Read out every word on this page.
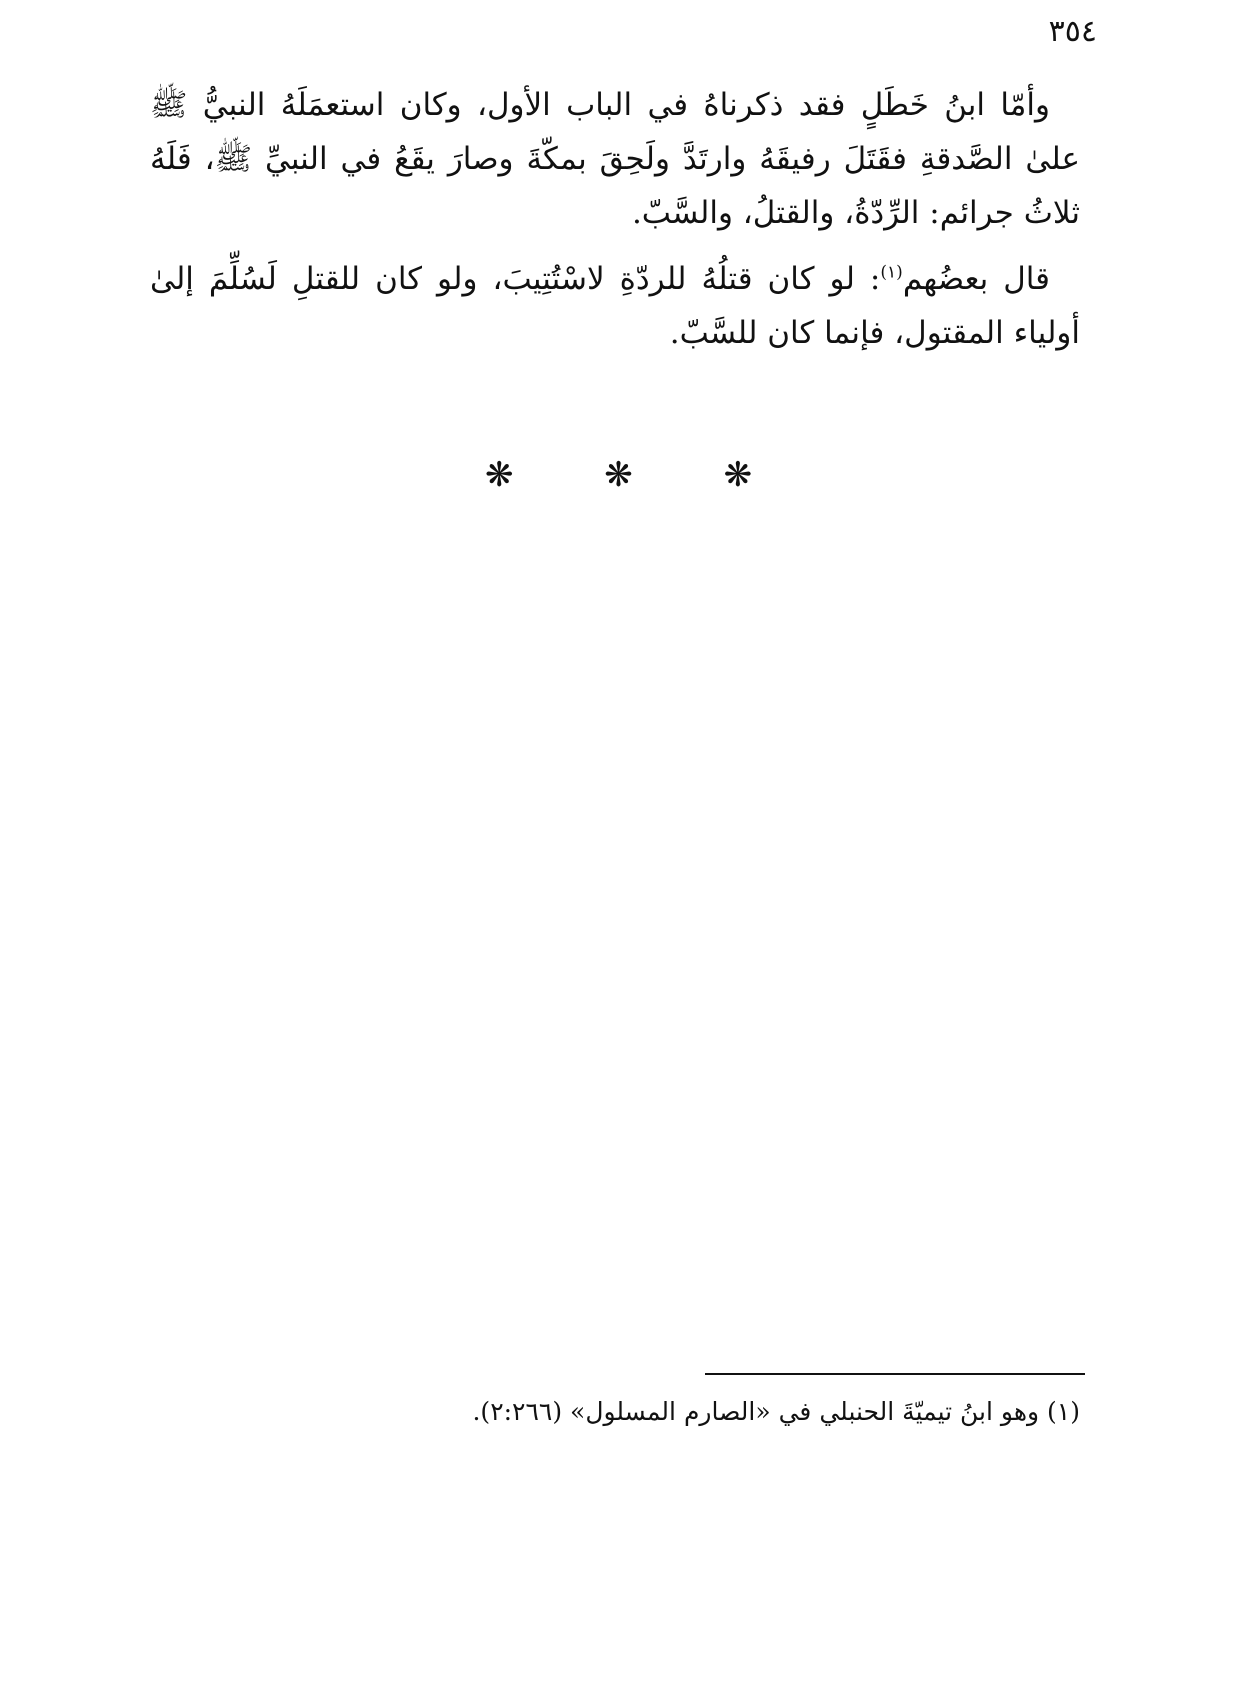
٣٥٤

وأمّا ابنُ خَطَلٍ فقد ذكرناهُ في الباب الأول، وكان استعمَلَهُ النبيُّ ﷺ علىٰ الصَّدقةِ فقَتَلَ رفيقَهُ وارتَدَّ ولَحِقَ بمكّةَ وصارَ يقَعُ في النبيِّ ﷺ، فَلَهُ ثلاثُ جرائم: الرِّدّةُ، والقتلُ، والسَّبّ.

قال بعضُهم$^{(١)}$: لو كان قتلُهُ للردّةِ لاسْتُتِيبَ، ولو كان للقتلِ لَسُلِّمَ إلىٰ أولياء المقتول، فإنما كان للسَّبّ.

❋	❋	❋
(١) وهو ابنُ تيميّةَ الحنبلي في «الصارم المسلول» (٢:٢٦٦).
